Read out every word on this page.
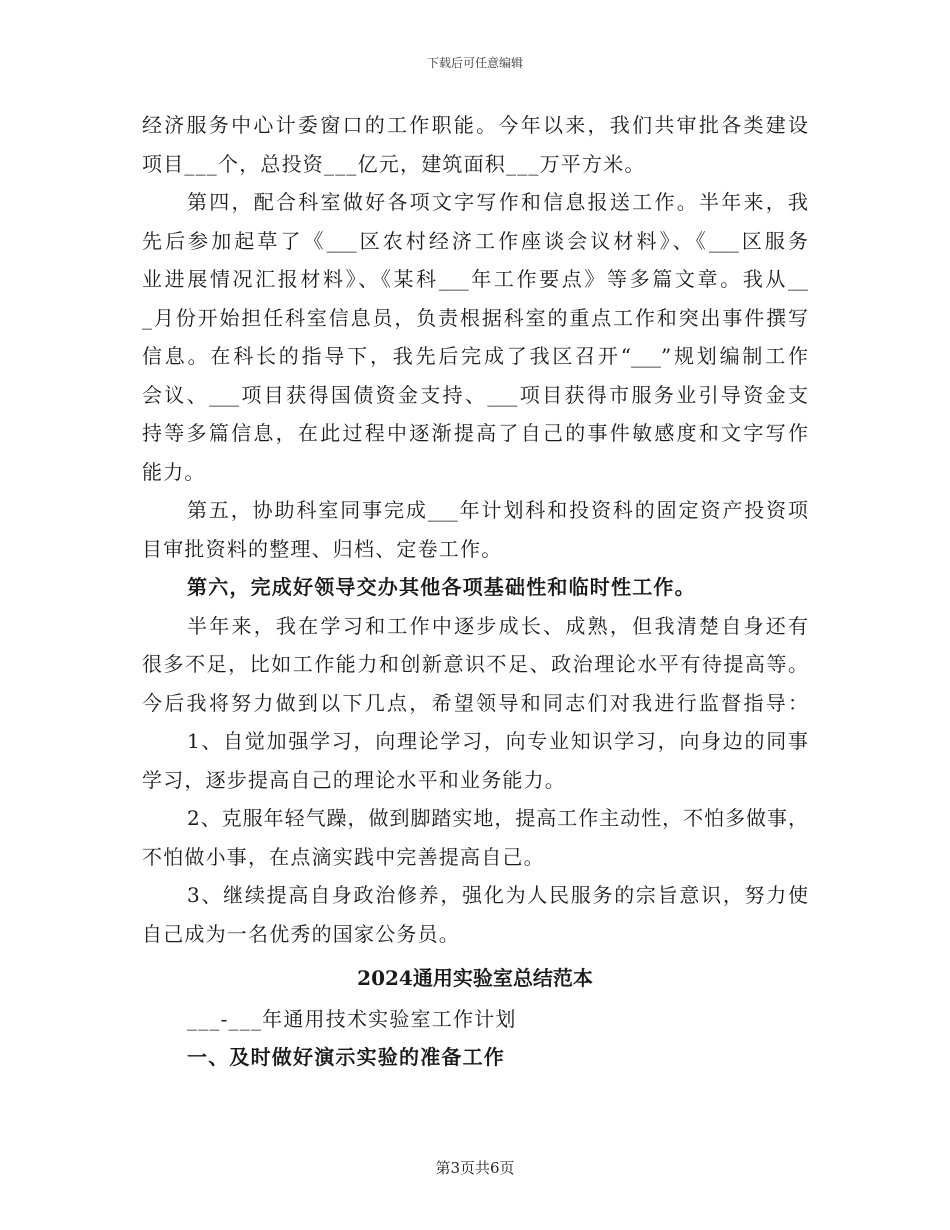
下载后可任意编辑
经济服务中心计委窗口的工作职能。今年以来，我们共审批各类建设
项目___个，总投资___亿元，建筑面积___万平方米。
第四，配合科室做好各项文字写作和信息报送工作。半年来，我
先后参加起草了《___区农村经济工作座谈会议材料》、《___区服务
业进展情况汇报材料》、《某科___年工作要点》等多篇文章。我从__
_月份开始担任科室信息员，负责根据科室的重点工作和突出事件撰写
信息。在科长的指导下，我先后完成了我区召开“___”规划编制工作
会议、___项目获得国债资金支持、___项目获得市服务业引导资金支
持等多篇信息，在此过程中逐渐提高了自己的事件敏感度和文字写作
能力。
第五，协助科室同事完成___年计划科和投资科的固定资产投资项
目审批资料的整理、归档、定卷工作。
第六，完成好领导交办其他各项基础性和临时性工作。
半年来，我在学习和工作中逐步成长、成熟，但我清楚自身还有
很多不足，比如工作能力和创新意识不足、政治理论水平有待提高等。
今后我将努力做到以下几点，希望领导和同志们对我进行监督指导：
1、自觉加强学习，向理论学习，向专业知识学习，向身边的同事
学习，逐步提高自己的理论水平和业务能力。
2、克服年轻气躁，做到脚踏实地，提高工作主动性，不怕多做事，
不怕做小事，在点滴实践中完善提高自己。
3、继续提高自身政治修养，强化为人民服务的宗旨意识，努力使
自己成为一名优秀的国家公务员。
2024通用实验室总结范本
___-___年通用技术实验室工作计划
一、及时做好演示实验的准备工作
第3页共6页
